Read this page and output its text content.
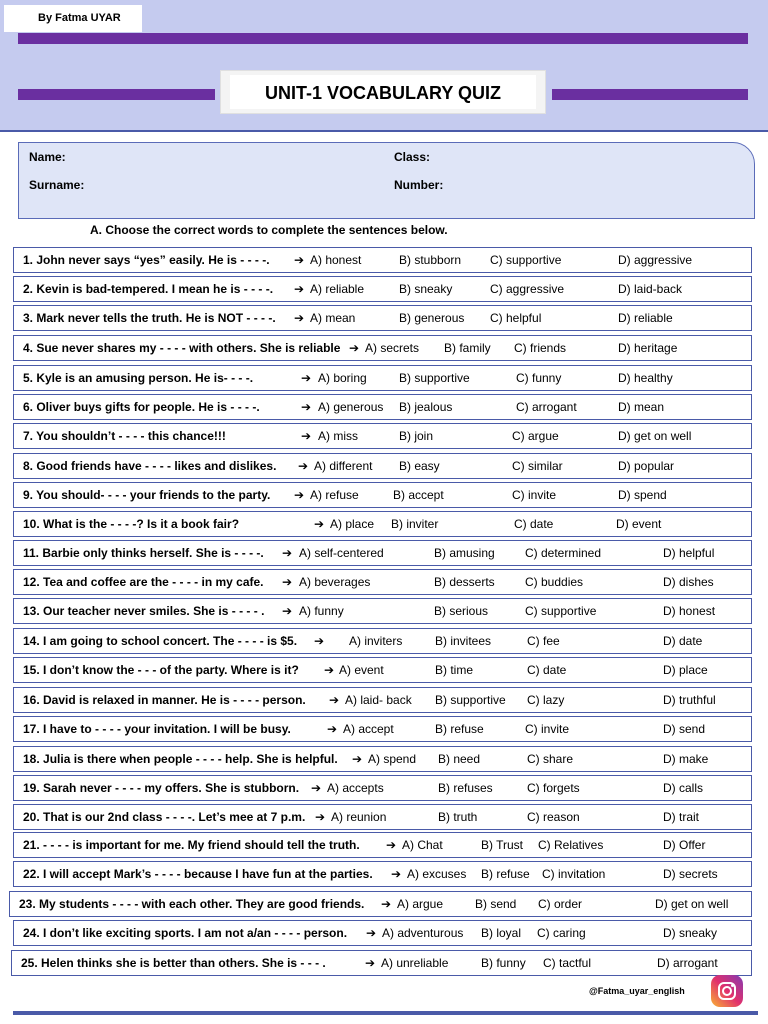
By Fatma UYAR
UNIT-1 VOCABULARY QUIZ
Name:
Surname:
Class:
Number:
A. Choose the correct words to complete the sentences below.
1. John never says “yes” easily. He is - - - -. ➔ A) honest	B) stubborn C) supportive	D) aggressive
2. Kevin is bad-tempered. I mean he is - - - -. ➔ A) reliable	B) sneaky	C) aggressive	D) laid-back
3. Mark never tells the truth. He is NOT - - - -. ➔ A) mean	B) generous C) helpful	D) reliable
4. Sue never shares my - - - - with others. She is reliable ➔ A) secrets B) family C) friends	D) heritage
5. Kyle is an amusing person. He is- - - -.	➔ A) boring	B) supportive	C) funny	D) healthy
6. Oliver buys gifts for people. He is - - - -.	➔ A) generous B) jealous	C) arrogant	D) mean
7. You shouldn’t - - - - this chance!!!	➔ A) miss	B) join	C) argue	D) get on well
8. Good friends have - - - - likes and dislikes. ➔ A) different B) easy	C) similar	D) popular
9. You should- - - - your friends to the party. ➔ A) refuse	B) accept	C) invite	D) spend
10. What is the - - - -? Is it a book fair?	➔ A) place B) inviter	C) date	D) event
11. Barbie only thinks herself. She is - - - -. ➔ A) self-centered	B) amusing	C) determined	D) helpful
12. Tea and coffee are the - - - - in my cafe. ➔ A) beverages	B) desserts	C) buddies	D) dishes
13. Our teacher never smiles. She is - - - - . ➔ A) funny	B) serious	C) supportive	D) honest
14. I am going to school concert. The - - - - is $5. ➔ A) inviters	B) invitees	C) fee	D) date
15. I don’t know the - - - of the party. Where is it? ➔ A) event	B) time	C) date	D) place
16. David is relaxed in manner. He is - - - - person. ➔ A) laid- back B) supportive C) lazy	D) truthful
17. I have to - - - - your invitation. I will be busy.	➔ A) accept	B) refuse	C) invite	D) send
18. Julia is there when people - - - - help. She is helpful. ➔ A) spend B) need	C) share	D) make
19. Sarah never - - - - my offers. She is stubborn. ➔ A) accepts	B) refuses	C) forgets	D) calls
20. That is our 2nd class - - - -. Let’s mee at 7 p.m. ➔ A) reunion	B) truth	C) reason	D) trait
21. - - - - is important for me. My friend should tell the truth. ➔ A) Chat	B) Trust C) Relatives	D) Offer
22. I will accept Mark’s - - - - because I have fun at the parties. ➔ A) excuses B) refuse C) invitation	D) secrets
23. My students - - - - with each other. They are good friends. ➔ A) argue	B) send C) order	D) get on well
24. I don’t like exciting sports. I am not a/an - - - - person. ➔ A) adventurous B) loyal C) caring	D) sneaky
25. Helen thinks she is better than others. She is - - - .	➔ A) unreliable	B) funny C) tactful	D) arrogant
@Fatma_uyar_english
